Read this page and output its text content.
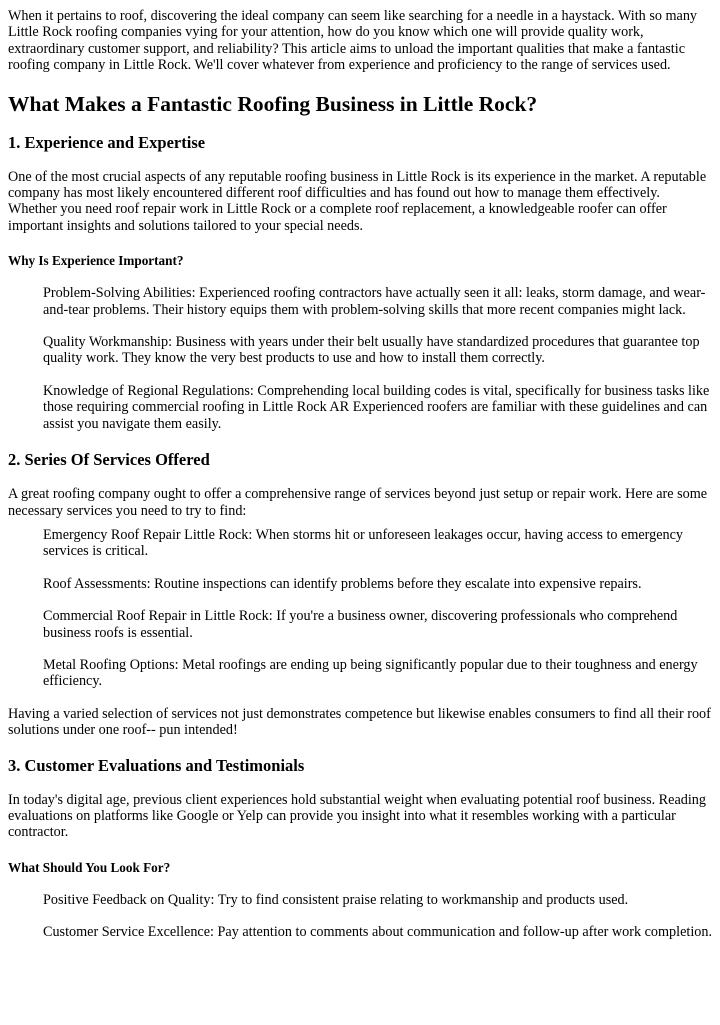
When it pertains to roof, discovering the ideal company can seem like searching for a needle in a haystack. With so many Little Rock roofing companies vying for your attention, how do you know which one will provide quality work, extraordinary customer support, and reliability? This article aims to unload the important qualities that make a fantastic roofing company in Little Rock. We'll cover whatever from experience and proficiency to the range of services used.

What Makes a Fantastic Roofing Business in Little Rock?
1. Experience and Expertise

One of the most crucial aspects of any reputable roofing business in Little Rock is its experience in the market. A reputable company has most likely encountered different roof difficulties and has found out how to manage them effectively. Whether you need roof repair work in Little Rock or a complete roof replacement, a knowledgeable roofer can offer important insights and solutions tailored to your special needs.

Why Is Experience Important?

Problem-Solving Abilities: Experienced roofing contractors have actually seen it all: leaks, storm damage, and wear-and-tear problems. Their history equips them with problem-solving skills that more recent companies might lack.

Quality Workmanship: Business with years under their belt usually have standardized procedures that guarantee top quality work. They know the very best products to use and how to install them correctly.

Knowledge of Regional Regulations: Comprehending local building codes is vital, specifically for business tasks like those requiring commercial roofing in Little Rock AR Experienced roofers are familiar with these guidelines and can assist you navigate them easily.

2. Series Of Services Offered

A great roofing company ought to offer a comprehensive range of services beyond just setup or repair work. Here are some necessary services you need to try to find:

Emergency Roof Repair Little Rock: When storms hit or unforeseen leakages occur, having access to emergency services is critical.

Roof Assessments: Routine inspections can identify problems before they escalate into expensive repairs.

Commercial Roof Repair in Little Rock: If you're a business owner, discovering professionals who comprehend business roofs is essential.

Metal Roofing Options: Metal roofings are ending up being significantly popular due to their toughness and energy efficiency.

Having a varied selection of services not just demonstrates competence but likewise enables consumers to find all their roof solutions under one roof-- pun intended!

3. Customer Evaluations and Testimonials

In today's digital age, previous client experiences hold substantial weight when evaluating potential roof business. Reading evaluations on platforms like Google or Yelp can provide you insight into what it resembles working with a particular contractor.

What Should You Look For?

Positive Feedback on Quality: Try to find consistent praise relating to workmanship and products used.

Customer Service Excellence: Pay attention to comments about communication and follow-up after work completion.
